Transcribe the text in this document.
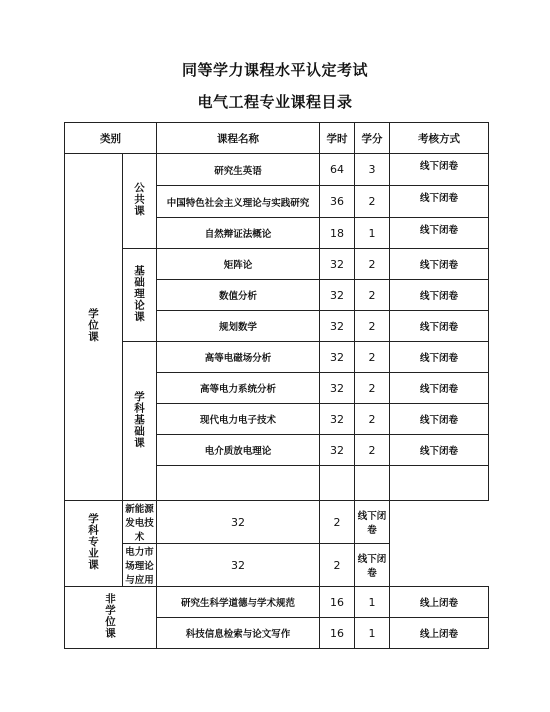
同等学力课程水平认定考试
电气工程专业课程目录
类别		课程名称	学时	学分	考核方式
学位课	公共课	研究生英语	64	3	线下闭卷
		中国特色社会主义理论与实践研究	36	2	线下闭卷
		自然辩证法概论	18	1	线下闭卷
	基础理论课	矩阵论	32	2	线下闭卷
		数值分析	32	2	线下闭卷
		规划数学	32	2	线下闭卷
	学科基础课	高等电磁场分析	32	2	线下闭卷
		高等电力系统分析	32	2	线下闭卷
		现代电力电子技术	32	2	线下闭卷
		电介质放电理论	32	2	线下闭卷

学科专业课	新能源发电技术	32	2	线下闭卷	
	电力市场理论与应用	32	2	线下闭卷	
非学位课		研究生科学道德与学术规范	16	1	线上闭卷
		科技信息检索与论文写作	16	1	线上闭卷
